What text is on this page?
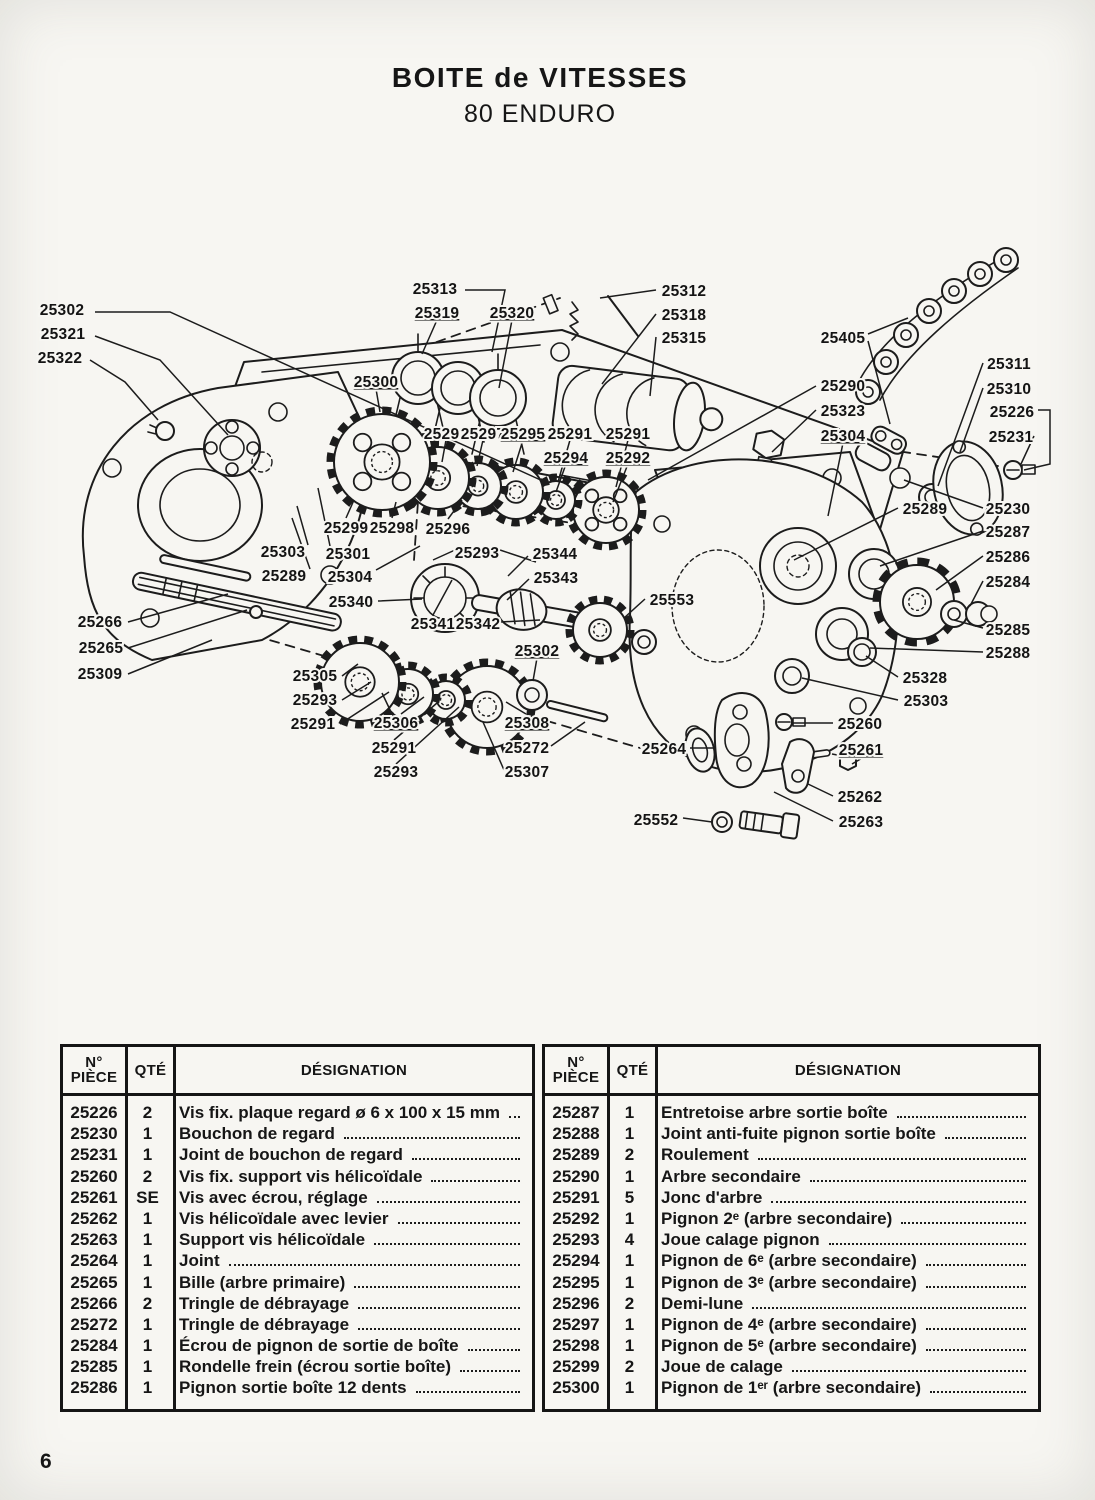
BOITE de VITESSES
80 ENDURO
25302
25321
25322
25313
25319 25320
25312
25318
25315
25300
25405
25290
25323
25304
25311
25310
25226
25231
25291
25297
25295 25291 25291
25294 25292
25299 25298 25296
25303 25301
25289 25304
25340
25341 25342
25293 25344
25343
25553
25266
25265
25309	25305
25293
25291 25306
25291
25293
25302
25308
25272
25307
25264
25552
25289 25230
25287
25286
25284
25285
25288
25328
25303
25260
25261
25262
25263
N°
PIÈCE	QTÉ	DÉSIGNATION
25226	2	Vis fix. plaque regard ø 6 x 100 x 15 mm
25230	1	Bouchon de regard
25231	1	Joint de bouchon de regard
25260	2	Vis fix. support vis hélicoïdale
25261	SE	Vis avec écrou, réglage
25262	1	Vis hélicoïdale avec levier
25263	1	Support vis hélicoïdale
25264	1	Joint
25265	1	Bille (arbre primaire)
25266	2	Tringle de débrayage
25272	1	Tringle de débrayage
25284	1	Écrou de pignon de sortie de boîte
25285	1	Rondelle frein (écrou sortie boîte)
25286	1	Pignon sortie boîte 12 dents
N°
PIÈCE	QTÉ	DÉSIGNATION
25287	1	Entretoise arbre sortie boîte
25288	1	Joint anti-fuite pignon sortie boîte
25289	2	Roulement
25290	1	Arbre secondaire
25291	5	Jonc d'arbre
25292	1	Pignon 2ᵉ (arbre secondaire)
25293	4	Joue calage pignon
25294	1	Pignon de 6ᵉ (arbre secondaire)
25295	1	Pignon de 3ᵉ (arbre secondaire)
25296	2	Demi-lune
25297	1	Pignon de 4ᵉ (arbre secondaire)
25298	1	Pignon de 5ᵉ (arbre secondaire)
25299	2	Joue de calage
25300	1	Pignon de 1ᵉʳ (arbre secondaire)
6
